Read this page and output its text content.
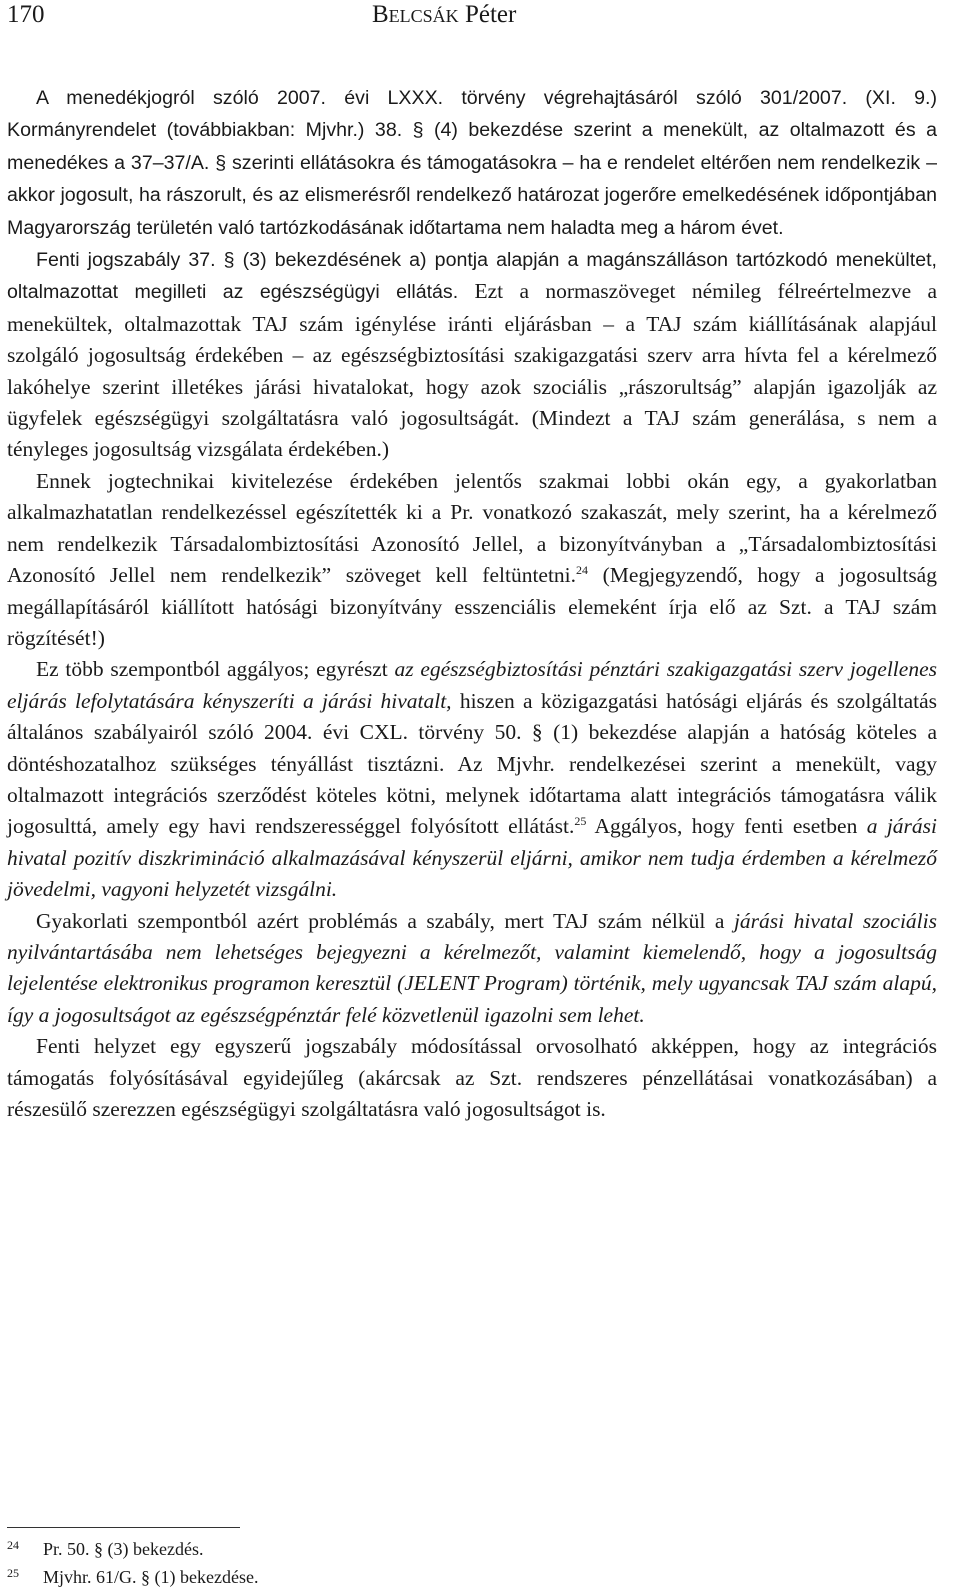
170	Belcsák Péter

A menedékjogról szóló 2007. évi LXXX. törvény végrehajtásáról szóló 301/2007. (XI. 9.) Kormányrendelet (továbbiakban: Mjvhr.) 38. § (4) bekezdése szerint a menekült, az oltalmazott és a menedékes a 37–37/A. § szerinti ellátásokra és támogatásokra – ha e rendelet eltérően nem rendelkezik – akkor jogosult, ha rászorult, és az elismerésről rendelkező határozat jogerőre emelkedésének időpontjában Magyarország területén való tartózkodásának időtartama nem haladta meg a három évet.

Fenti jogszabály 37. § (3) bekezdésének a) pontja alapján a magánszálláson tartózkodó menekültet, oltalmazottat megilleti az egészségügyi ellátás. Ezt a normaszöveget némileg félreértelmezve a menekültek, oltalmazottak TAJ szám igénylése iránti eljárásban – a TAJ szám kiállításának alapjául szolgáló jogosultság érdekében – az egészségbiztosítási szakigazgatási szerv arra hívta fel a kérelmező lakóhelye szerint illetékes járási hivatalokat, hogy azok szociális „rászorultság” alapján igazolják az ügyfelek egészségügyi szolgáltatásra való jogosultságát. (Mindezt a TAJ szám generálása, s nem a tényleges jogosultság vizsgálata érdekében.)

Ennek jogtechnikai kivitelezése érdekében jelentős szakmai lobbi okán egy, a gyakorlatban alkalmazhatatlan rendelkezéssel egészítették ki a Pr. vonatkozó szakaszát, mely szerint, ha a kérelmező nem rendelkezik Társadalombiztosítási Azonosító Jellel, a bizonyítványban a „Társadalombiztosítási Azonosító Jellel nem rendelkezik” szöveget kell feltüntetni.$^{24}$ (Megjegyzendő, hogy a jogosultság megállapításáról kiállított hatósági bizonyítvány esszenciális elemeként írja elő az Szt. a TAJ szám rögzítését!)

Ez több szempontból aggályos; egyrészt az egészségbiztosítási pénztári szakigazgatási szerv jogellenes eljárás lefolytatására kényszeríti a járási hivatalt, hiszen a közigazgatási hatósági eljárás és szolgáltatás általános szabályairól szóló 2004. évi CXL. törvény 50. § (1) bekezdése alapján a hatóság köteles a döntéshozatalhoz szükséges tényállást tisztázni. Az Mjvhr. rendelkezései szerint a menekült, vagy oltalmazott integrációs szerződést köteles kötni, melynek időtartama alatt integrációs támogatásra válik jogosulttá, amely egy havi rendszerességgel folyósított ellátást.$^{25}$ Aggályos, hogy fenti esetben a járási hivatal pozitív diszkrimináció alkalmazásával kényszerül eljárni, amikor nem tudja érdemben a kérelmező jövedelmi, vagyoni helyzetét vizsgálni.

Gyakorlati szempontból azért problémás a szabály, mert TAJ szám nélkül a járási hivatal szociális nyilvántartásába nem lehetséges bejegyezni a kérelmezőt, valamint kiemelendő, hogy a jogosultság lejelentése elektronikus programon keresztül (JELENT Program) történik, mely ugyancsak TAJ szám alapú, így a jogosultságot az egészségpénztár felé közvetlenül igazolni sem lehet.

Fenti helyzet egy egyszerű jogszabály módosítással orvosolható akképpen, hogy az integrációs támogatás folyósításával egyidejűleg (akárcsak az Szt. rendszeres pénzellátásai vonatkozásában) a részesülő szerezzen egészségügyi szolgáltatásra való jogosultságot is.

24 Pr. 50. § (3) bekezdés.
25 Mjvhr. 61/G. § (1) bekezdése.
